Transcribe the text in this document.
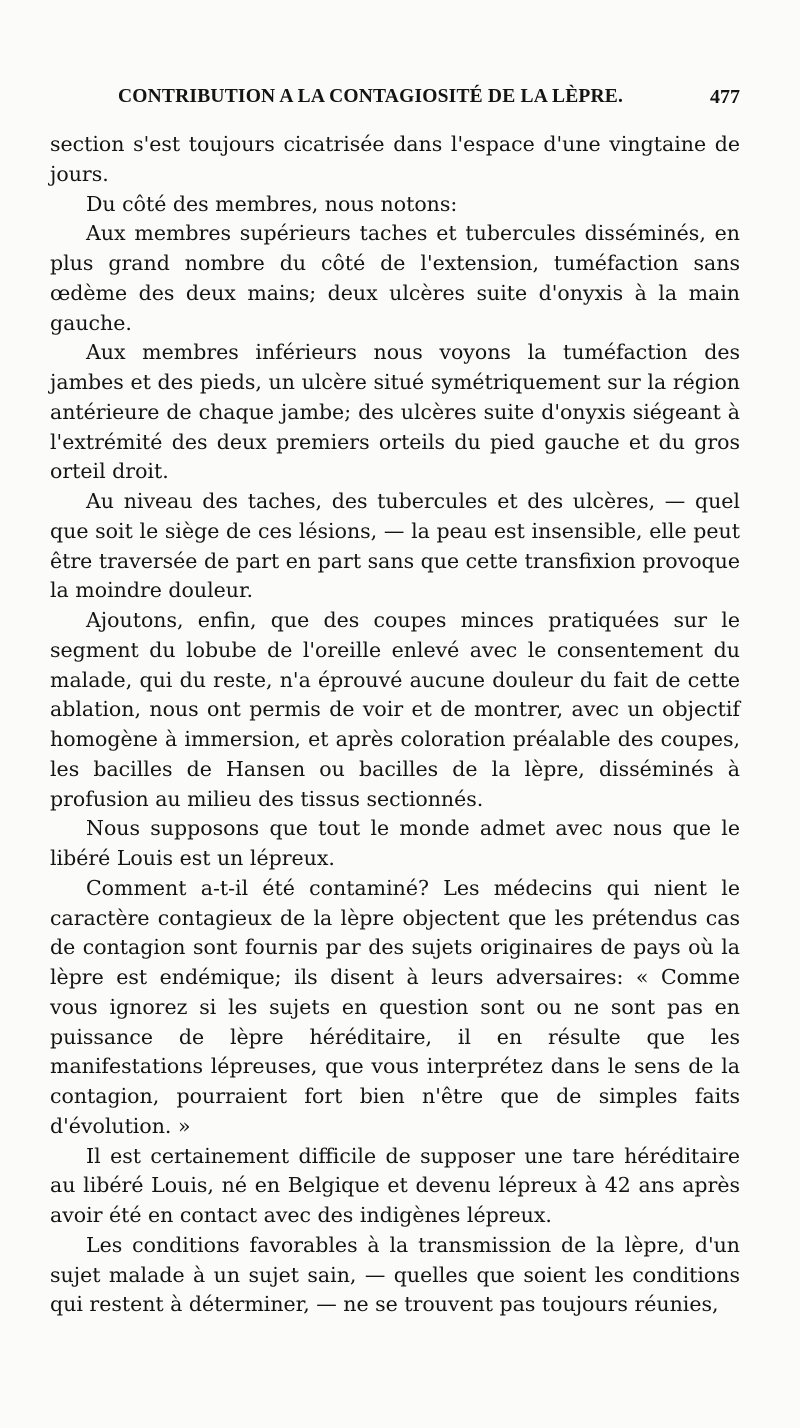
CONTRIBUTION A LA CONTAGIOSITÉ DE LA LÈPRE.	477

section s'est toujours cicatrisée dans l'espace d'une vingtaine de jours.

Du côté des membres, nous notons:

Aux membres supérieurs taches et tubercules disséminés, en plus grand nombre du côté de l'extension, tuméfaction sans œdème des deux mains; deux ulcères suite d'onyxis à la main gauche.

Aux membres inférieurs nous voyons la tuméfaction des jambes et des pieds, un ulcère situé symétriquement sur la région antérieure de chaque jambe; des ulcères suite d'onyxis siégeant à l'extrémité des deux premiers orteils du pied gauche et du gros orteil droit.

Au niveau des taches, des tubercules et des ulcères, — quel que soit le siège de ces lésions, — la peau est insensible, elle peut être traversée de part en part sans que cette transfixion provoque la moindre douleur.

Ajoutons, enfin, que des coupes minces pratiquées sur le segment du lobube de l'oreille enlevé avec le consentement du malade, qui du reste, n'a éprouvé aucune douleur du fait de cette ablation, nous ont permis de voir et de montrer, avec un objectif homogène à immersion, et après coloration préalable des coupes, les bacilles de Hansen ou bacilles de la lèpre, disséminés à profusion au milieu des tissus sectionnés.

Nous supposons que tout le monde admet avec nous que le libéré Louis est un lépreux.

Comment a-t-il été contaminé? Les médecins qui nient le caractère contagieux de la lèpre objectent que les prétendus cas de contagion sont fournis par des sujets originaires de pays où la lèpre est endémique; ils disent à leurs adversaires: « Comme vous ignorez si les sujets en question sont ou ne sont pas en puissance de lèpre héréditaire, il en résulte que les manifestations lépreuses, que vous interprétez dans le sens de la contagion, pourraient fort bien n'être que de simples faits d'évolution. »

Il est certainement difficile de supposer une tare héréditaire au libéré Louis, né en Belgique et devenu lépreux à 42 ans après avoir été en contact avec des indigènes lépreux.

Les conditions favorables à la transmission de la lèpre, d'un sujet malade à un sujet sain, — quelles que soient les conditions qui restent à déterminer, — ne se trouvent pas toujours réunies,
